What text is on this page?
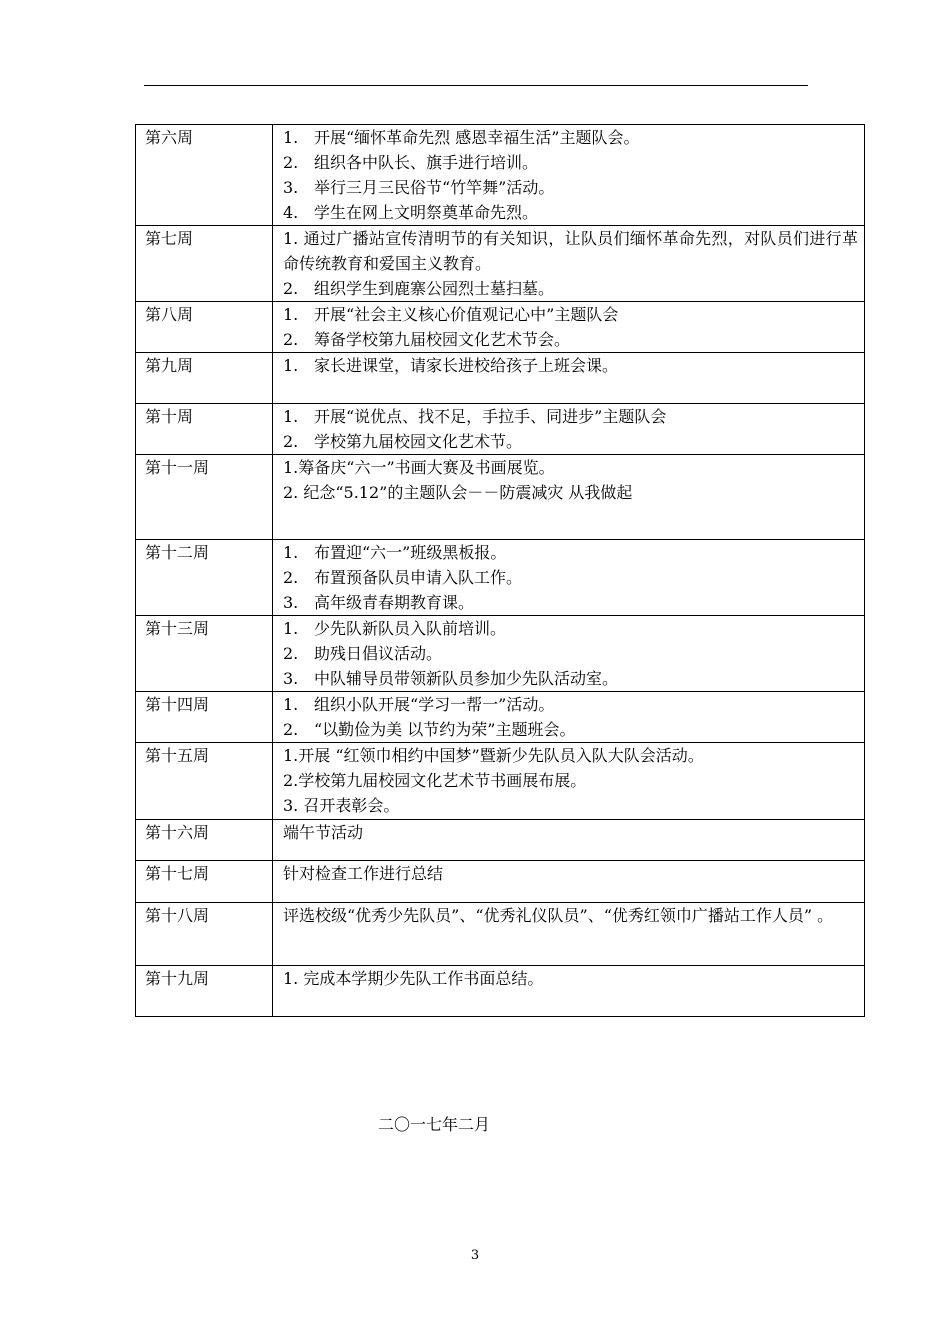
第六周	1. 开展“缅怀革命先烈 感恩幸福生活”主题队会。
2. 组织各中队长、旗手进行培训。
3. 举行三月三民俗节“竹竿舞”活动。
4. 学生在网上文明祭奠革命先烈。

第七周	1. 通过广播站宣传清明节的有关知识，让队员们缅怀革命先烈，对队员们进行革命传统教育和爱国主义教育。
2. 组织学生到鹿寨公园烈士墓扫墓。

第八周	1. 开展“社会主义核心价值观记心中”主题队会
2. 筹备学校第九届校园文化艺术节会。

第九周	1. 家长进课堂，请家长进校给孩子上班会课。

第十周	1. 开展“说优点、找不足，手拉手、同进步”主题队会
2. 学校第九届校园文化艺术节。

第十一周	1.筹备庆“六一”书画大赛及书画展览。
2. 纪念“5.12”的主题队会－－防震减灾 从我做起

第十二周	1. 布置迎“六一”班级黑板报。
2. 布置预备队员申请入队工作。
3. 高年级青春期教育课。

第十三周	1. 少先队新队员入队前培训。
2. 助残日倡议活动。
3. 中队辅导员带领新队员参加少先队活动室。

第十四周	1. 组织小队开展“学习一帮一”活动。
2. “以勤俭为美 以节约为荣”主题班会。

第十五周	1.开展 “红领巾相约中国梦”暨新少先队员入队大队会活动。
2.学校第九届校园文化艺术节书画展布展。
3. 召开表彰会。

第十六周	端午节活动

第十七周	针对检查工作进行总结

第十八周	评选校级“优秀少先队员”、“优秀礼仪队员”、“优秀红领巾广播站工作人员” 。

第十九周	1. 完成本学期少先队工作书面总结。
二〇一七年二月
3
